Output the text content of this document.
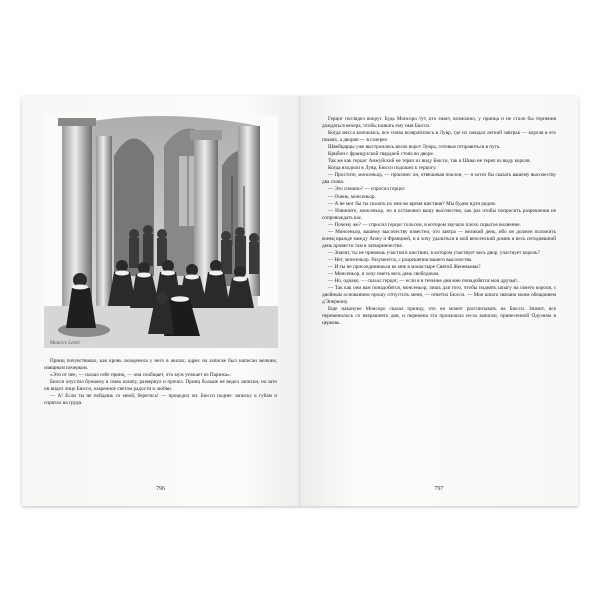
Maurice Leloir

Принц почувствовал, как кровь заледенела у него в жилах; адрес на записке был написан мелким, изящным почерком.

«Это от нее, — сказал себе принц, — она сообщает, что муж уезжает из Парижа».

Бюсси опустил бумажку в свою шляпу, развернул и прочел. Принц больше не видел записки, но зато он видел лицо Бюсси, озаренное светом радости и любви.

— А! Если ты не пойдешь со мной, берегись! — процедил он. Бюсси поднес записку к губам и спрятал на груди.

796

Герцог поглядел вокруг. Будь Монсоро тут, кто знает, возможно, у принца и не стало бы терпения дождаться вечера, чтобы назвать ему имя Бюсси.

Когда месса кончилась, все снова возвратились в Лувр, где их ожидал легкий завтрак — короля в его покоях, а дворян — в галерее.

Швейцарцы уже выстроились возле ворот Лувра, готовые отправиться в путь.

Крийон с французской гвардией стоял во дворе.

Так же как герцог Анжуйский не терял из виду Бюсси, так и Шико не терял из виду короля.

Когда входили в Лувр, Бюсси подошел к герцогу.

— Простите, монсеньор, — произнес он, отвешивая поклон, — я хотел бы сказать вашему высочеству два слова.

— Это спешно? — спросил герцог.

— Очень, монсеньор.

— А не мог бы ты сказать их мне во время шествия? Мы будем идти рядом.

— Извините, монсеньор, но я остановил вашу высочество, как раз чтобы попросить разрешения не сопровождать вас.

— Почему же? — спросил герцог голосом, в котором звучало плохо скрытое волнение.

— Монсеньор, вашему высочеству известно, что завтра — великий день, ибо он должен положить конец вражде между Анжу и Францией, и я хочу удалиться в мой венсенский домик и весь сегодняшний день провести там в затворничестве.

— Значит, ты не примешь участия в шествии, в котором участвует весь двор, участвует король?

— Нет, монсеньор. Разумеется, с разрешения вашего высочества.

— И ты не присоединишься ко мне в монастыре Святой Женевьевы?

— Монсеньор, я хочу иметь весь день свободным.

— Но, однако, — сказал герцог, — если я в течение дня мне понадобятся мои друзья!..

— Так как они вам понадобятся, монсеньор, лишь для того, чтобы поднять шпагу на своего короля, с двойным основанием прошу отпустить меня, — ответил Бюсси. — Моя шпага связана моим обещанием д'Эпернону.

Еще накануне Монсоро сказал принцу, что он может рассчитывать на Бюсси. Значит, все переменилось со вчерашнего дня, и перемена эта произошла из-за записки, принесенной Одуэном в церковь.

797
